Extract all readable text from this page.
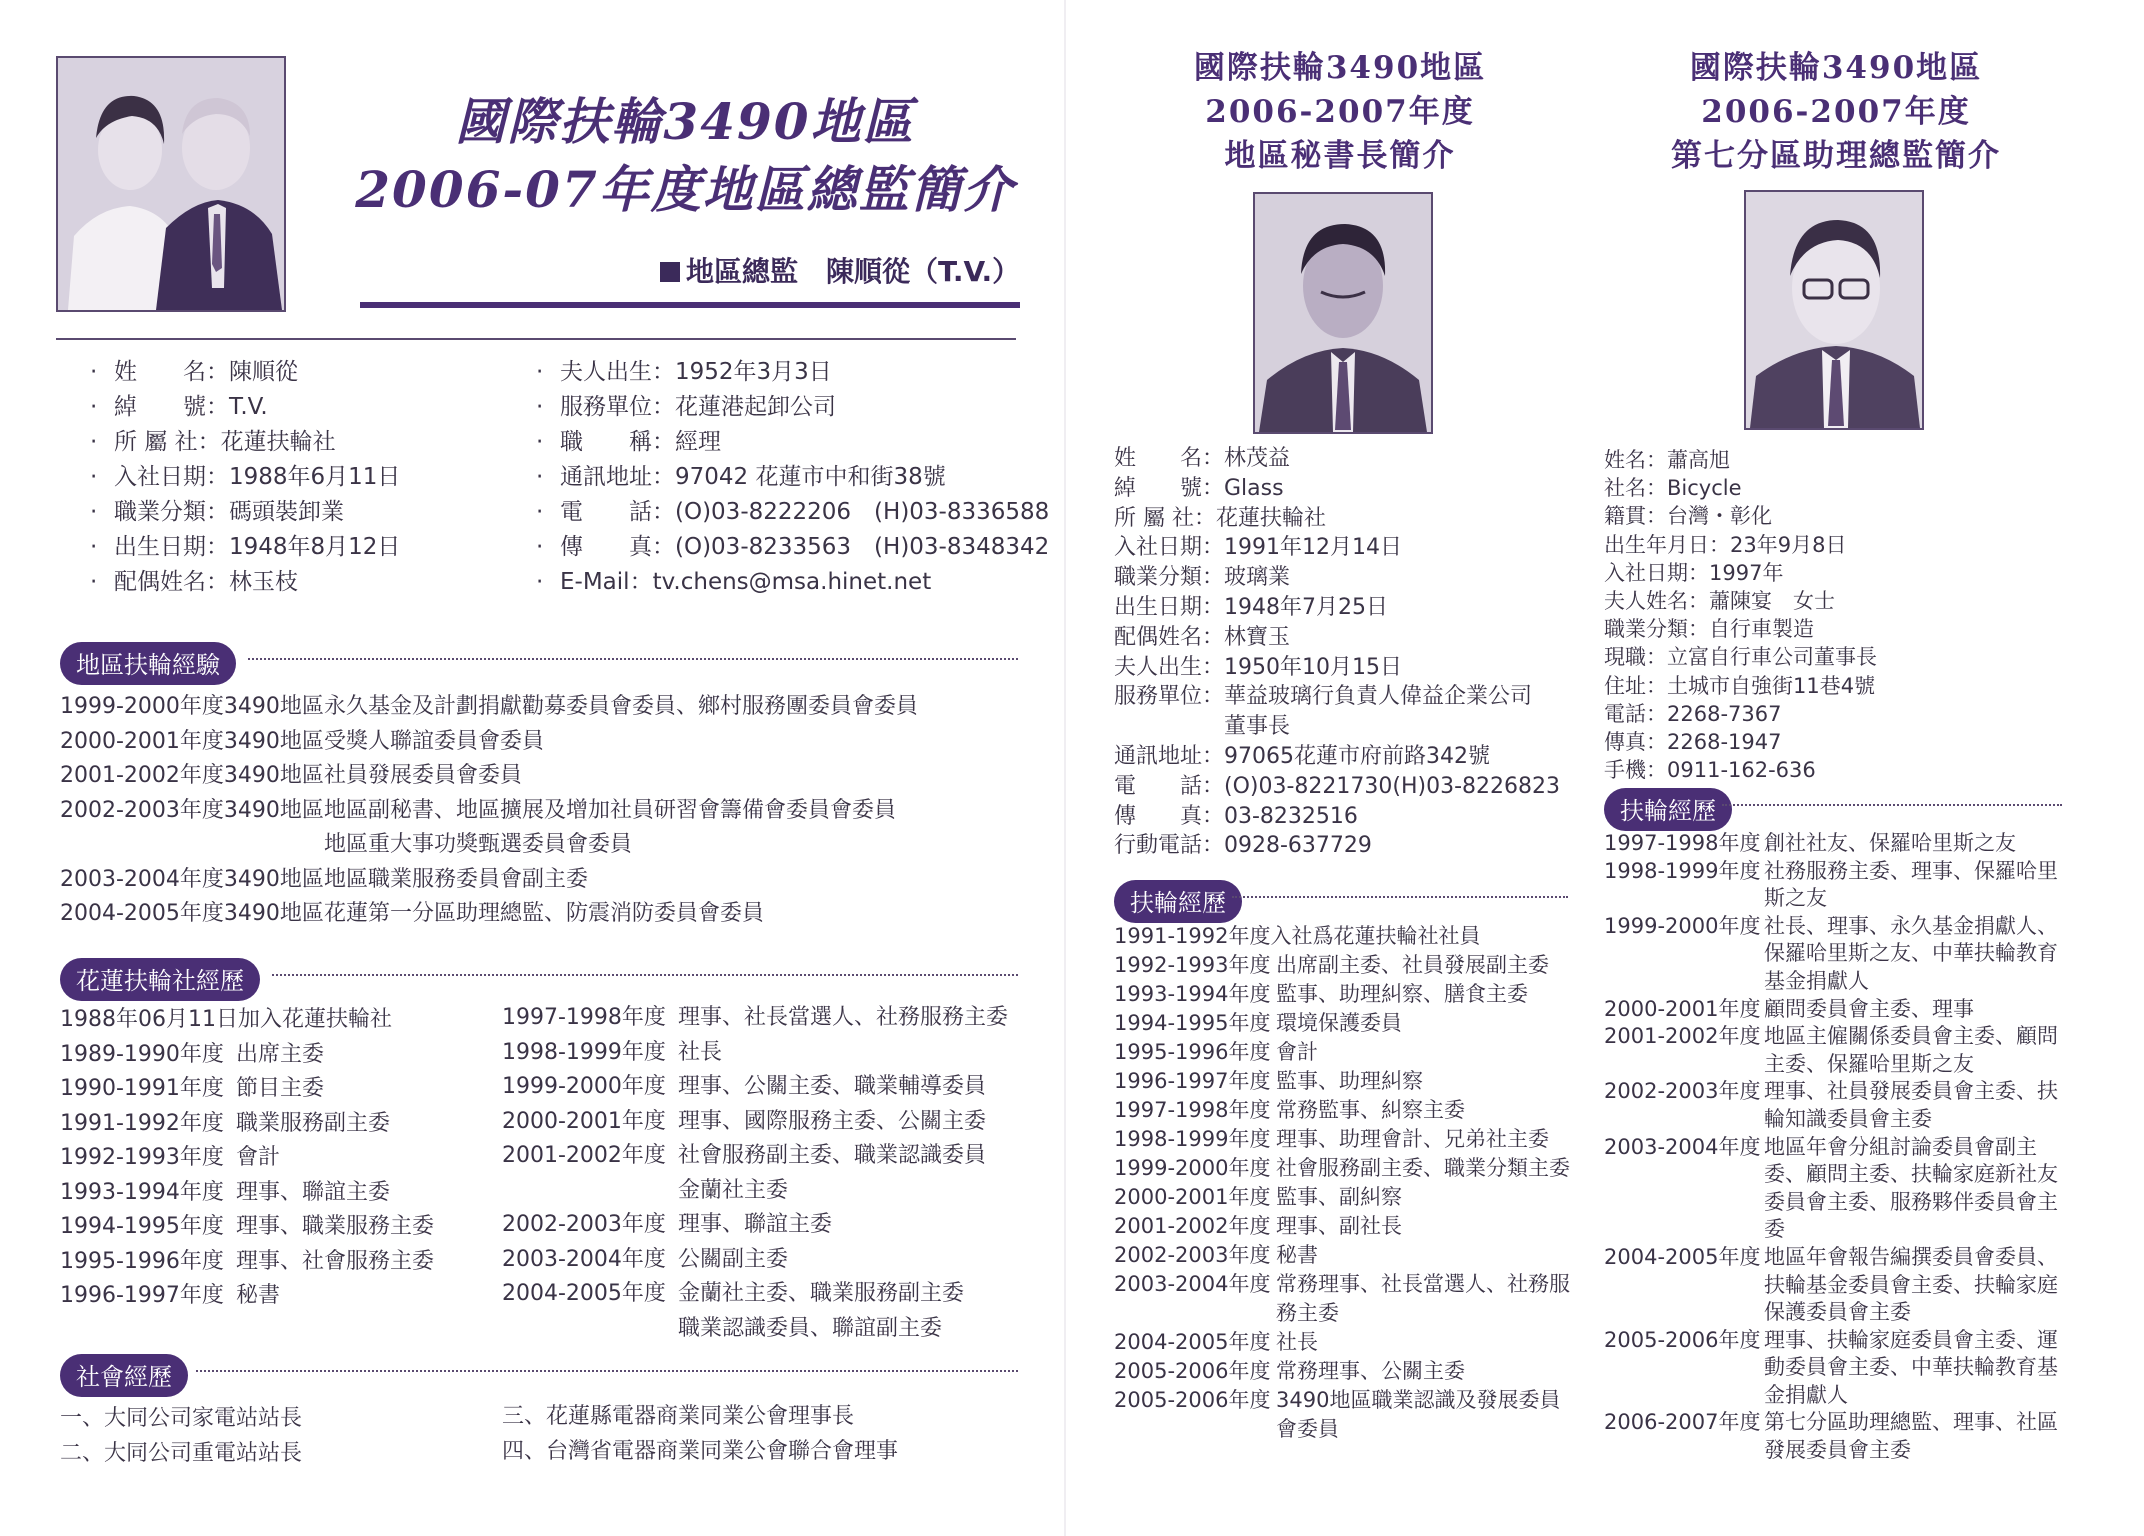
國際扶輪3490地區
2006-07年度地區總監簡介
地區總監　陳順從（T.V.）
· 姓　　名：陳順從
· 綽　　號：T.V.
· 所 屬 社：花蓮扶輪社
· 入社日期：1988年6月11日
· 職業分類：碼頭裝卸業
· 出生日期：1948年8月12日
· 配偶姓名：林玉枝
· 夫人出生：1952年3月3日
· 服務單位：花蓮港起卸公司
· 職　　稱：經理
· 通訊地址：97042 花蓮市中和街38號
· 電　　話：(O)03-8222206　(H)03-8336588
· 傳　　真：(O)03-8233563　(H)03-8348342
· E-Mail：tv.chens@msa.hinet.net
地區扶輪經驗
1999-2000年度3490地區永久基金及計劃捐獻勸募委員會委員、鄉村服務團委員會委員
2000-2001年度3490地區受獎人聯誼委員會委員
2001-2002年度3490地區社員發展委員會委員
2002-2003年度3490地區地區副秘書、地區擴展及增加社員研習會籌備會委員會委員
地區重大事功獎甄選委員會委員
2003-2004年度3490地區地區職業服務委員會副主委
2004-2005年度3490地區花蓮第一分區助理總監、防震消防委員會委員
花蓮扶輪社經歷
1988年06月11日加入花蓮扶輪社
1989-1990年度 出席主委
1990-1991年度 節目主委
1991-1992年度 職業服務副主委
1992-1993年度 會計
1993-1994年度 理事、聯誼主委
1994-1995年度 理事、職業服務主委
1995-1996年度 理事、社會服務主委
1996-1997年度 秘書
1997-1998年度 理事、社長當選人、社務服務主委
1998-1999年度 社長
1999-2000年度 理事、公關主委、職業輔導委員
2000-2001年度 理事、國際服務主委、公關主委
2001-2002年度 社會服務副主委、職業認識委員
金蘭社主委
2002-2003年度 理事、聯誼主委
2003-2004年度 公關副主委
2004-2005年度 金蘭社主委、職業服務副主委
職業認識委員、聯誼副主委
社會經歷
一、大同公司家電站站長
二、大同公司重電站站長
三、花蓮縣電器商業同業公會理事長
四、台灣省電器商業同業公會聯合會理事
國際扶輪3490地區
2006-2007年度
地區秘書長簡介
姓　　名：林茂益
綽　　號：Glass
所 屬 社：花蓮扶輪社
入社日期：1991年12月14日
職業分類：玻璃業
出生日期：1948年7月25日
配偶姓名：林寶玉
夫人出生：1950年10月15日
服務單位：華益玻璃行負責人偉益企業公司
　　　　　董事長
通訊地址：97065花蓮市府前路342號
電　　話：(O)03-8221730(H)03-8226823
傳　　真：03-8232516
行動電話：0928-637729
扶輪經歷
1991-1992年度入社爲花蓮扶輪社社員
1992-1993年度 出席副主委、社員發展副主委
1993-1994年度 監事、助理糾察、膳食主委
1994-1995年度 環境保護委員
1995-1996年度 會計
1996-1997年度 監事、助理糾察
1997-1998年度 常務監事、糾察主委
1998-1999年度 理事、助理會計、兄弟社主委
1999-2000年度 社會服務副主委、職業分類主委
2000-2001年度 監事、副糾察
2001-2002年度 理事、副社長
2002-2003年度 秘書
2003-2004年度 常務理事、社長當選人、社務服務主委
2004-2005年度 社長
2005-2006年度 常務理事、公關主委
2005-2006年度 3490地區職業認識及發展委員會委員
國際扶輪3490地區
2006-2007年度
第七分區助理總監簡介
姓名：蕭高旭
社名：Bicycle
籍貫：台灣・彰化
出生年月日：23年9月8日
入社日期：1997年
夫人姓名：蕭陳宴　女士
職業分類：自行車製造
現職：立富自行車公司董事長
住址：土城市自強街11巷4號
電話：2268-7367
傳真：2268-1947
手機：0911-162-636
扶輪經歷
1997-1998年度 創社社友、保羅哈里斯之友
1998-1999年度 社務服務主委、理事、保羅哈里斯之友
1999-2000年度 社長、理事、永久基金捐獻人、保羅哈里斯之友、中華扶輪教育基金捐獻人
2000-2001年度 顧問委員會主委、理事
2001-2002年度 地區主僱關係委員會主委、顧問主委、保羅哈里斯之友
2002-2003年度 理事、社員發展委員會主委、扶輪知識委員會主委
2003-2004年度 地區年會分組討論委員會副主委、顧問主委、扶輪家庭新社友委員會主委、服務夥伴委員會主委
2004-2005年度 地區年會報告編撰委員會委員、扶輪基金委員會主委、扶輪家庭保護委員會主委
2005-2006年度 理事、扶輪家庭委員會主委、運動委員會主委、中華扶輪教育基金捐獻人
2006-2007年度 第七分區助理總監、理事、社區發展委員會主委
